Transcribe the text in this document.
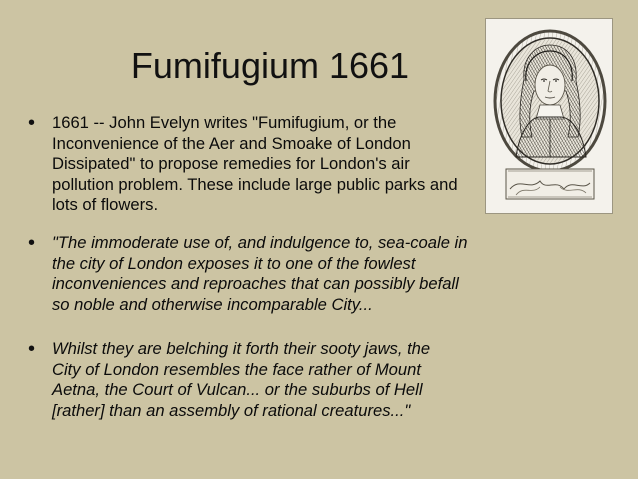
Fumifugium 1661
• 1661 -- John Evelyn writes "Fumifugium, or the
Inconvenience of the Aer and Smoake of London
Dissipated" to propose remedies for London's air
pollution problem. These include large public parks and
lots of flowers.

• "The immoderate use of, and indulgence to, sea-coale in
the city of London exposes it to one of the fowlest
inconveniences and reproaches that can possibly befall
so noble and otherwise incomparable City...

• Whilst they are belching it forth their sooty jaws, the
City of London resembles the face rather of Mount
Aetna, the Court of Vulcan... or the suburbs of Hell
[rather] than an assembly of rational creatures..."
